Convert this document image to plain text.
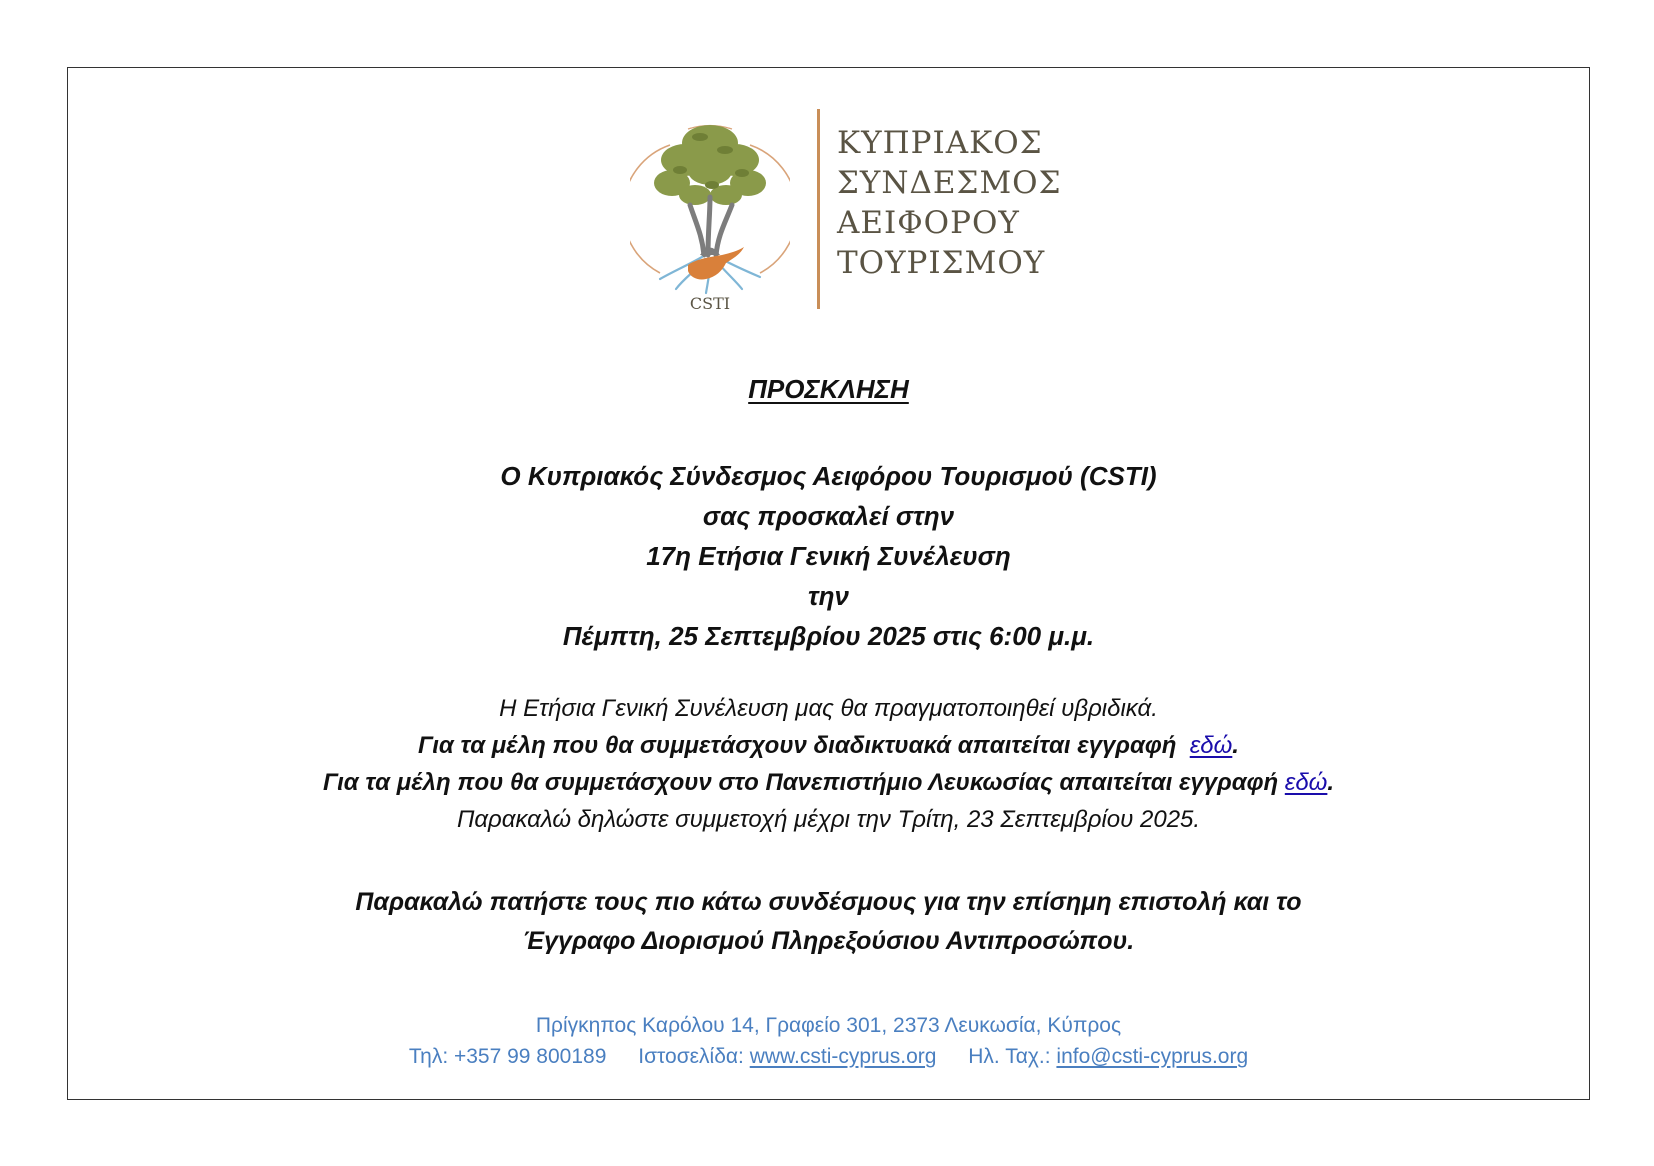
CSTI
ΚΥΠΡΙΑΚΟΣ
ΣΥΝΔΕΣΜΟΣ
ΑΕΙΦΟΡΟΥ
ΤΟΥΡΙΣΜΟΥ
ΠΡΟΣΚΛΗΣΗ
Ο Κυπριακός Σύνδεσμος Αειφόρου Τουρισμού (CSTI)
σας προσκαλεί στην
17η Ετήσια Γενική Συνέλευση
την
Πέμπτη, 25 Σεπτεμβρίου 2025 στις 6:00 μ.μ.
Η Ετήσια Γενική Συνέλευση μας θα πραγματοποιηθεί υβριδικά.
Για τα μέλη που θα συμμετάσχουν διαδικτυακά απαιτείται εγγραφή εδώ.
Για τα μέλη που θα συμμετάσχουν στο Πανεπιστήμιο Λευκωσίας απαιτείται εγγραφή εδώ.
Παρακαλώ δηλώστε συμμετοχή μέχρι την Τρίτη, 23 Σεπτεμβρίου 2025.
Παρακαλώ πατήστε τους πιο κάτω συνδέσμους για την επίσημη επιστολή και το
Έγγραφο Διορισμού Πληρεξούσιου Αντιπροσώπου.
Πρίγκηπος Καρόλου 14, Γραφείο 301, 2373 Λευκωσία, Κύπρος
Τηλ: +357 99 800189 Ιστοσελίδα: www.csti-cyprus.org Ηλ. Ταχ.: info@csti-cyprus.org
